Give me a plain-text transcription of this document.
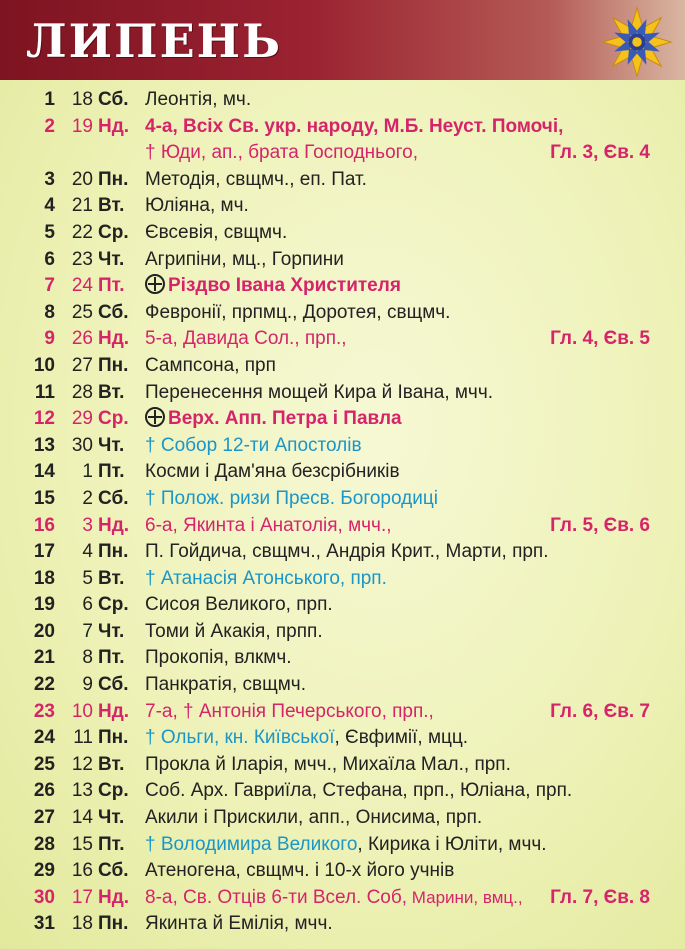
ЛИПЕНЬ
1 18 Сб. Леонтія, мч.
2 19 Нд. 4-а, Всіх Св. укр. народу, М.Б. Неуст. Помочі,
† Юди, ап., брата Господнього,	Гл. 3, Єв. 4
3 20 Пн. Методія, свщмч., еп. Пат.
4 21 Вт. Юліяна, мч.
5 22 Ср. Євсевія, свщмч.
6 23 Чт. Агрипіни, мц., Горпини
7 24 Пт.	Різдво Івана Христителя
8 25 Сб. Февронії, прпмц., Доротея, свщмч.
9 26 Нд. 5-а, Давида Сол., прп.,	Гл. 4, Єв. 5
10 27 Пн. Сампсона, прп
11 28 Вт. Перенесення мощей Кира й Івана, мчч.
12 29 Ср.	Верх. Апп. Петра і Павла
13 30 Чт. † Собор 12-ти Апостолів
14	1 Пт. Косми і Дам'яна безсрібників
15	2 Сб. † Полож. ризи Пресв. Богородиці
16	3 Нд. 6-а, Якинта і Анатолія, мчч.,	Гл. 5, Єв. 6
17	4 Пн. П. Гойдича, свщмч., Андрія Крит., Марти, прп.
18	5 Вт. † Атанасія Атонського, прп.
19	6 Ср. Сисоя Великого, прп.
20	7 Чт. Томи й Акакія, прпп.
21	8 Пт. Прокопія, влкмч.
22	9 Сб. Панкратія, свщмч.
23 10 Нд. 7-а, † Антонія Печерського, прп.,	Гл. 6, Єв. 7
24 11 Пн. † Ольги, кн. Київської, Євфимії, мцц.
25 12 Вт. Прокла й Іларія, мчч., Михаїла Мал., прп.
26 13 Ср. Соб. Арх. Гавриїла, Стефана, прп., Юліана, прп.
27 14 Чт. Акили і Прискили, апп., Онисима, прп.
28 15 Пт. † Володимира Великого, Кирика і Юліти, мчч.
29 16 Сб. Атеногена, свщмч. і 10-х його учнів
30 17 Нд. 8-а, Св. Отців 6-ти Всел. Соб, Марини, вмц., Гл. 7, Єв. 8
31 18 Пн. Якинта й Емілія, мчч.
